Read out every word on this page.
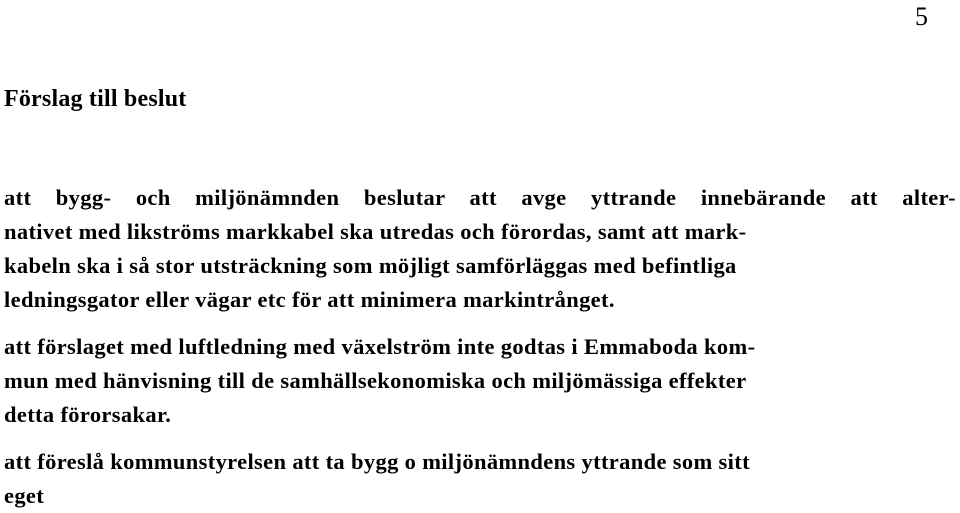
5
Förslag till beslut
att bygg- och miljönämnden beslutar att avge yttrande innebärande att alter-
nativet med likströms markkabel ska utredas och förordas, samt att mark-
kabeln ska i så stor utsträckning som möjligt samförläggas med befintliga
ledningsgator eller vägar etc för att minimera markintrånget.
att förslaget med luftledning med växelström inte godtas i Emmaboda kom-
mun med hänvisning till de samhällsekonomiska och miljömässiga effekter
detta förorsakar.
att föreslå kommunstyrelsen att ta bygg o miljönämndens yttrande som sitt
eget
